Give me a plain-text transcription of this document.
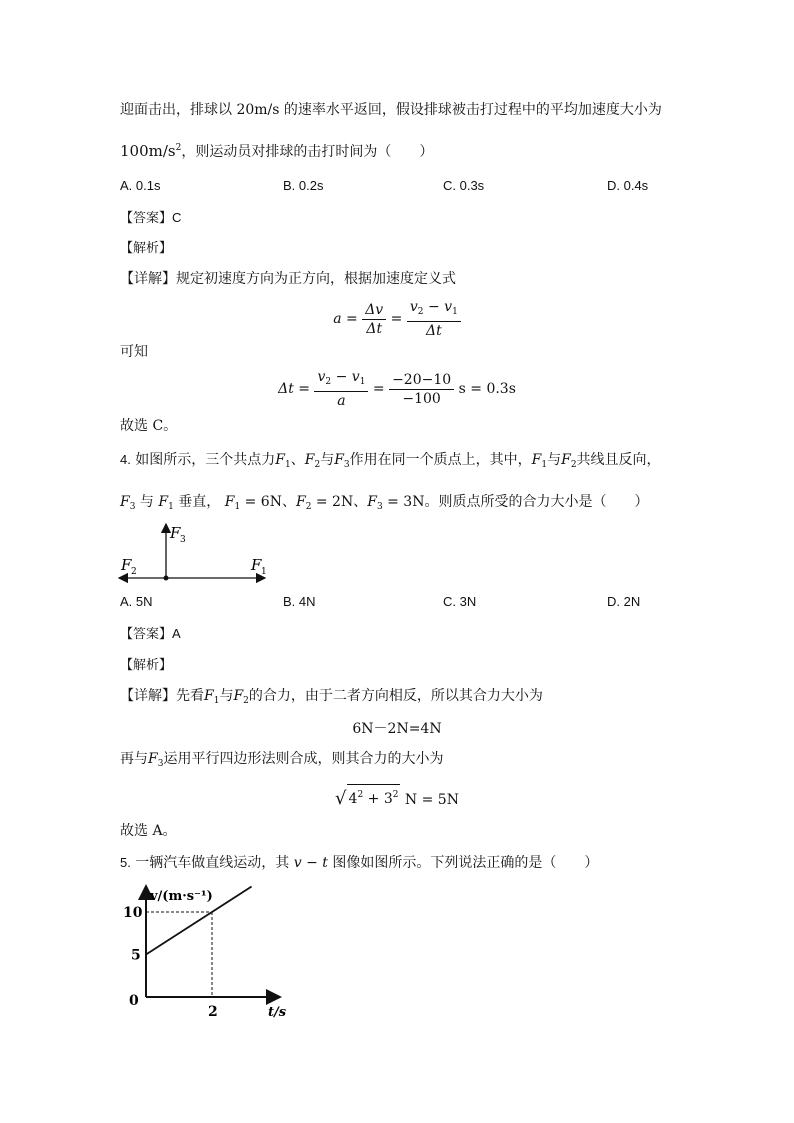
迎面击出，排球以 20m/s 的速率水平返回，假设排球被击打过程中的平均加速度大小为
$100m/s^2$，则运动员对排球的击打时间为（　　）
A. 0.1s	B. 0.2s	C. 0.3s	D. 0.4s
【答案】C
【解析】
【详解】规定初速度方向为正方向，根据加速度定义式
$a = \frac{\Delta v}{\Delta t} = \frac{v_2 - v_1}{\Delta t}$
可知
$\Delta t = \frac{v_2 - v_1}{a} = \frac{-20-10}{-100}$ s = 0.3s
故选 C。
4. 如图所示，三个共点力$F_1$、$F_2$与$F_3$作用在同一个质点上，其中，$F_1$与$F_2$共线且反向，
$F_3$ 与 $F_1$ 垂直， $F_1 = 6N$、$F_2 = 2N$、$F_3 = 3N$。则质点所受的合力大小是（　　）
F 3
F 2	F 1
A. 5N	B. 4N	C. 3N	D. 2N
【答案】A
【解析】
【详解】先看$F_1$与$F_2$的合力，由于二者方向相反，所以其合力大小为
6N－2N=4N
再与$F_3$运用平行四边形法则合成，则其合力的大小为
√ $4^2 + 3^2$ N = 5N
故选 A。
5. 一辆汽车做直线运动，其 v − t 图像如图所示。下列说法正确的是（　　）
v/(m·s⁻¹)
t/s
0
10
5
2
